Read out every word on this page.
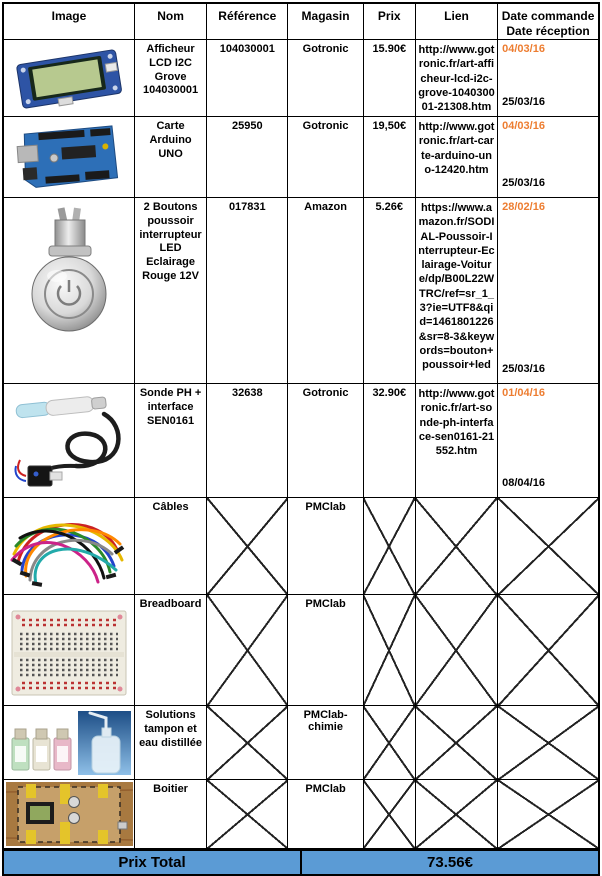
Image	Nom	Référence	Magasin	Prix	Lien	Date commande
Date réception

	Afficheur LCD I2C Grove 104030001	104030001	Gotronic	15.90€	http://www.gotronic.fr/art-afficheur-lcd-i2c-grove-104030001-21308.htm	04/03/16
25/03/16

	Carte Arduino UNO	25950	Gotronic	19,50€	http://www.gotronic.fr/art-carte-arduino-uno-12420.htm	04/03/16
25/03/16

	2 Boutons poussoir interrupteur LED Eclairage Rouge 12V	017831	Amazon	5.26€	https://www.amazon.fr/SODIAL-Poussoir-Interrupteur-Eclairage-Voiture/dp/B00L22WTRC/ref=sr_1_3?ie=UTF8&qid=1461801226&sr=8-3&keywords=bouton+poussoir+led	28/02/16
25/03/16

	Sonde PH + interface SEN0161	32638	Gotronic	32.90€	http://www.gotronic.fr/art-sonde-ph-interface-sen0161-21552.htm	01/04/16
08/04/16

	Câbles		PMClab			

	Breadboard		PMClab			

	Solutions tampon et eau distillée		PMClab-chimie			

	Boitier		PMClab			
Prix Total	73.56€
